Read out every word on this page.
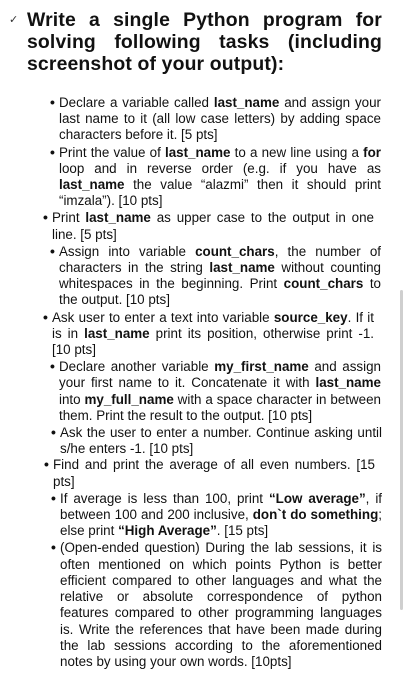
✓ Write a single Python program for solving following tasks (including screenshot of your output):
• Declare a variable called last_name and assign your last name to it (all low case letters) by adding space characters before it. [5 pts]
• Print the value of last_name to a new line using a for loop and in reverse order (e.g. if you have as last_name the value “alazmi” then it should print “imzala”). [10 pts]
• Print last_name as upper case to the output in one line. [5 pts]
• Assign into variable count_chars, the number of characters in the string last_name without counting whitespaces in the beginning. Print count_chars to the output. [10 pts]
• Ask user to enter a text into variable source_key. If it is in last_name print its position, otherwise print -1. [10 pts]
• Declare another variable my_first_name and assign your first name to it. Concatenate it with last_name into my_full_name with a space character in between them. Print the result to the output. [10 pts]
• Ask the user to enter a number. Continue asking until s/he enters -1. [10 pts]
• Find and print the average of all even numbers. [15 pts]
• If average is less than 100, print “Low average”, if between 100 and 200 inclusive, don`t do something; else print “High Average”. [15 pts]
• (Open-ended question) During the lab sessions, it is often mentioned on which points Python is better efficient compared to other languages and what the relative or absolute correspondence of python features compared to other programming languages is. Write the references that have been made during the lab sessions according to the aforementioned notes by using your own words. [10pts]
